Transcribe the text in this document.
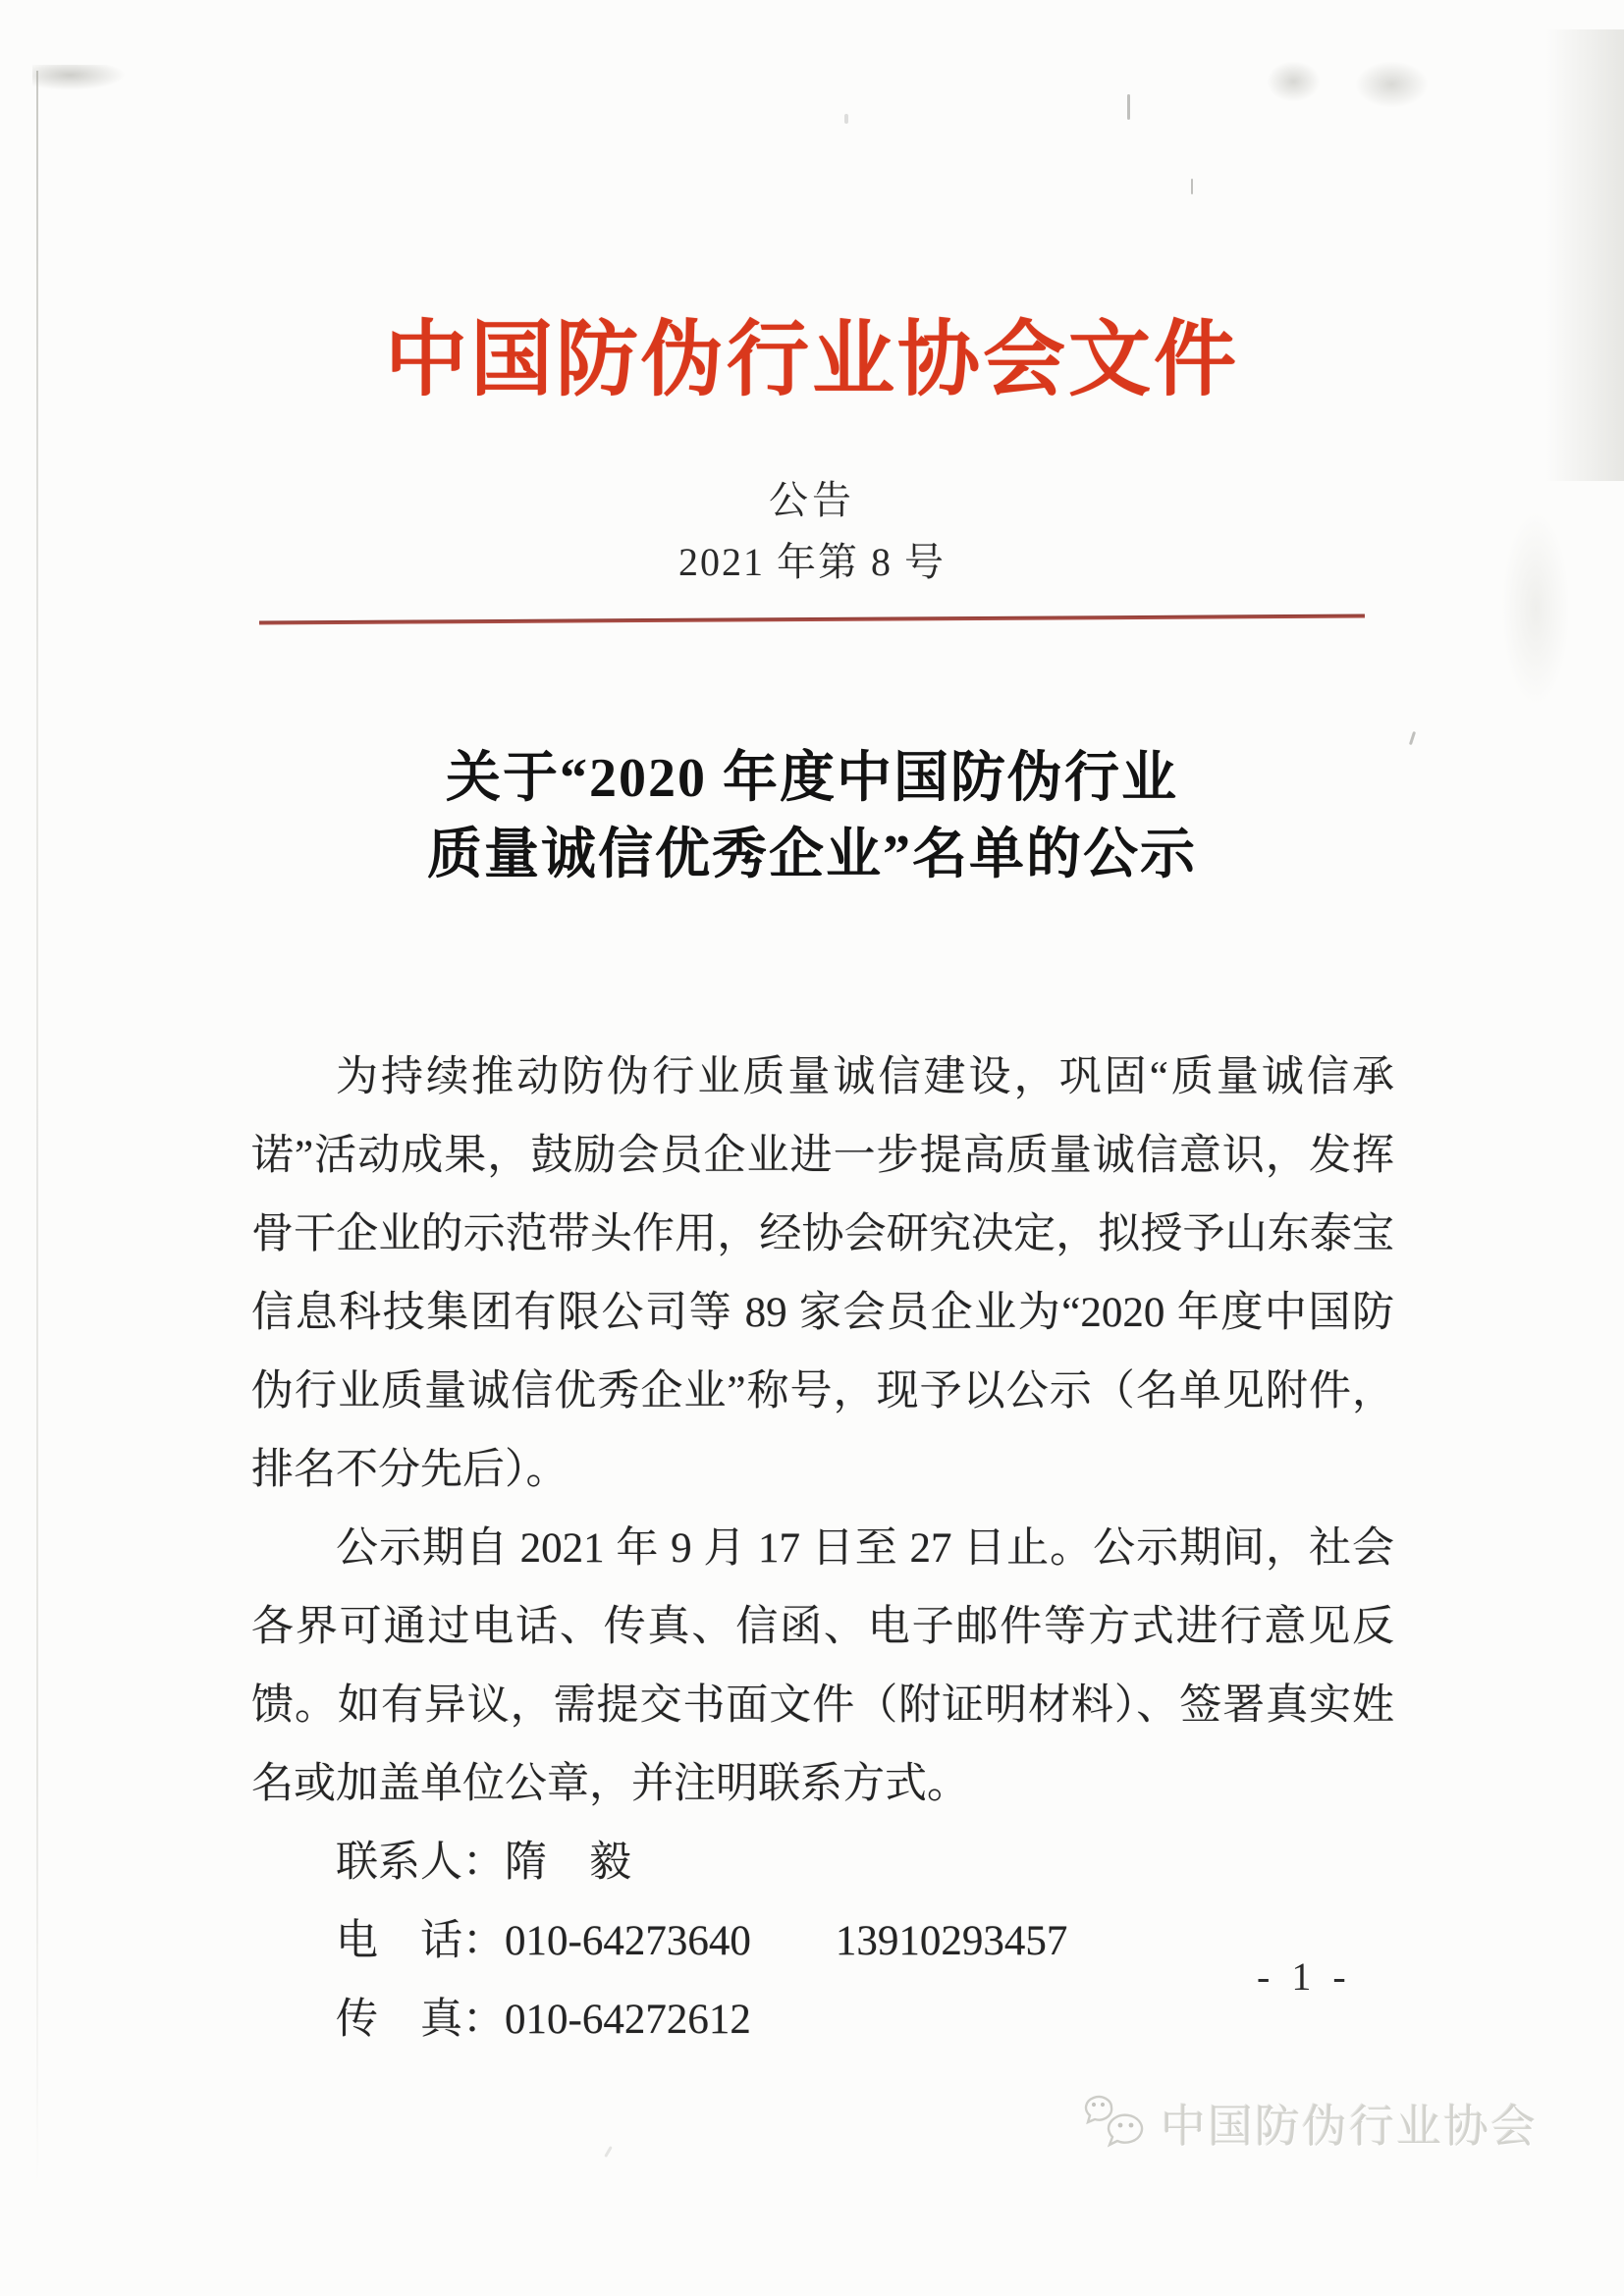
中国防伪行业协会文件
公告
2021 年第 8 号
关于“2020 年度中国防伪行业
质量诚信优秀企业”名单的公示

为持续推动防伪行业质量诚信建设，巩固“质量诚信承诺”活动成果，鼓励会员企业进一步提高质量诚信意识，发挥骨干企业的示范带头作用，经协会研究决定，拟授予山东泰宝信息科技集团有限公司等 89 家会员企业为“2020 年度中国防伪行业质量诚信优秀企业”称号，现予以公示（名单见附件，排名不分先后）。

公示期自 2021 年 9 月 17 日至 27 日止。公示期间，社会各界可通过电话、传真、信函、电子邮件等方式进行意见反馈。如有异议，需提交书面文件（附证明材料）、签署真实姓名或加盖单位公章，并注明联系方式。

联系人：隋　毅
电　话：010-64273640　　13910293457
传　真：010-64272612
- 1 -
中国防伪行业协会
